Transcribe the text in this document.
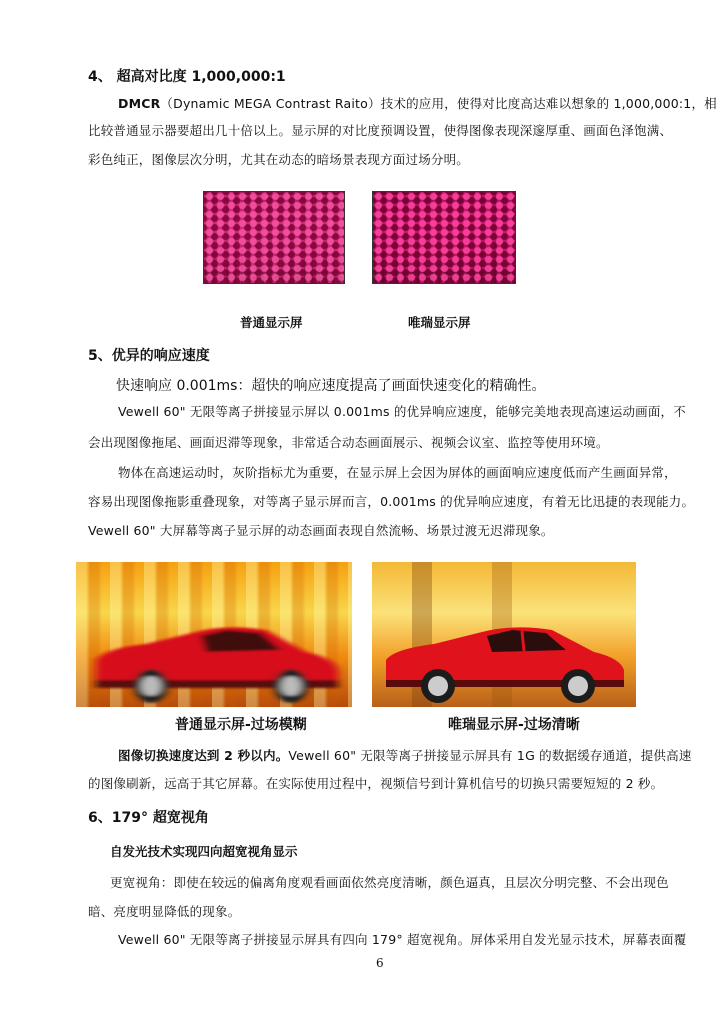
4、 超高对比度 1,000,000:1
DMCR（Dynamic MEGA Contrast Raito）技术的应用，使得对比度高达难以想象的 1,000,000:1，相
比较普通显示器要超出几十倍以上。显示屏的对比度预调设置，使得图像表现深邃厚重、画面色泽饱满、
彩色纯正，图像层次分明，尤其在动态的暗场景表现方面过场分明。
普通显示屏	唯瑞显示屏
5、优异的响应速度
快速响应 0.001ms：超快的响应速度提高了画面快速变化的精确性。
Vewell 60" 无限等离子拼接显示屏以 0.001ms 的优异响应速度，能够完美地表现高速运动画面，不
会出现图像拖尾、画面迟滞等现象，非常适合动态画面展示、视频会议室、监控等使用环境。
物体在高速运动时，灰阶指标尤为重要，在显示屏上会因为屏体的画面响应速度低而产生画面异常，
容易出现图像拖影重叠现象，对等离子显示屏而言，0.001ms 的优异响应速度，有着无比迅捷的表现能力。
Vewell 60" 大屏幕等离子显示屏的动态画面表现自然流畅、场景过渡无迟滞现象。
普通显示屏-过场模糊	唯瑞显示屏-过场清晰
图像切换速度达到 2 秒以内。Vewell 60" 无限等离子拼接显示屏具有 1G 的数据缓存通道，提供高速
的图像刷新，远高于其它屏幕。在实际使用过程中，视频信号到计算机信号的切换只需要短短的 2 秒。
6、179° 超宽视角
自发光技术实现四向超宽视角显示
更宽视角：即使在较远的偏离角度观看画面依然亮度清晰，颜色逼真，且层次分明完整、不会出现色
暗、亮度明显降低的现象。
Vewell 60" 无限等离子拼接显示屏具有四向 179° 超宽视角。屏体采用自发光显示技术，屏幕表面覆
6
